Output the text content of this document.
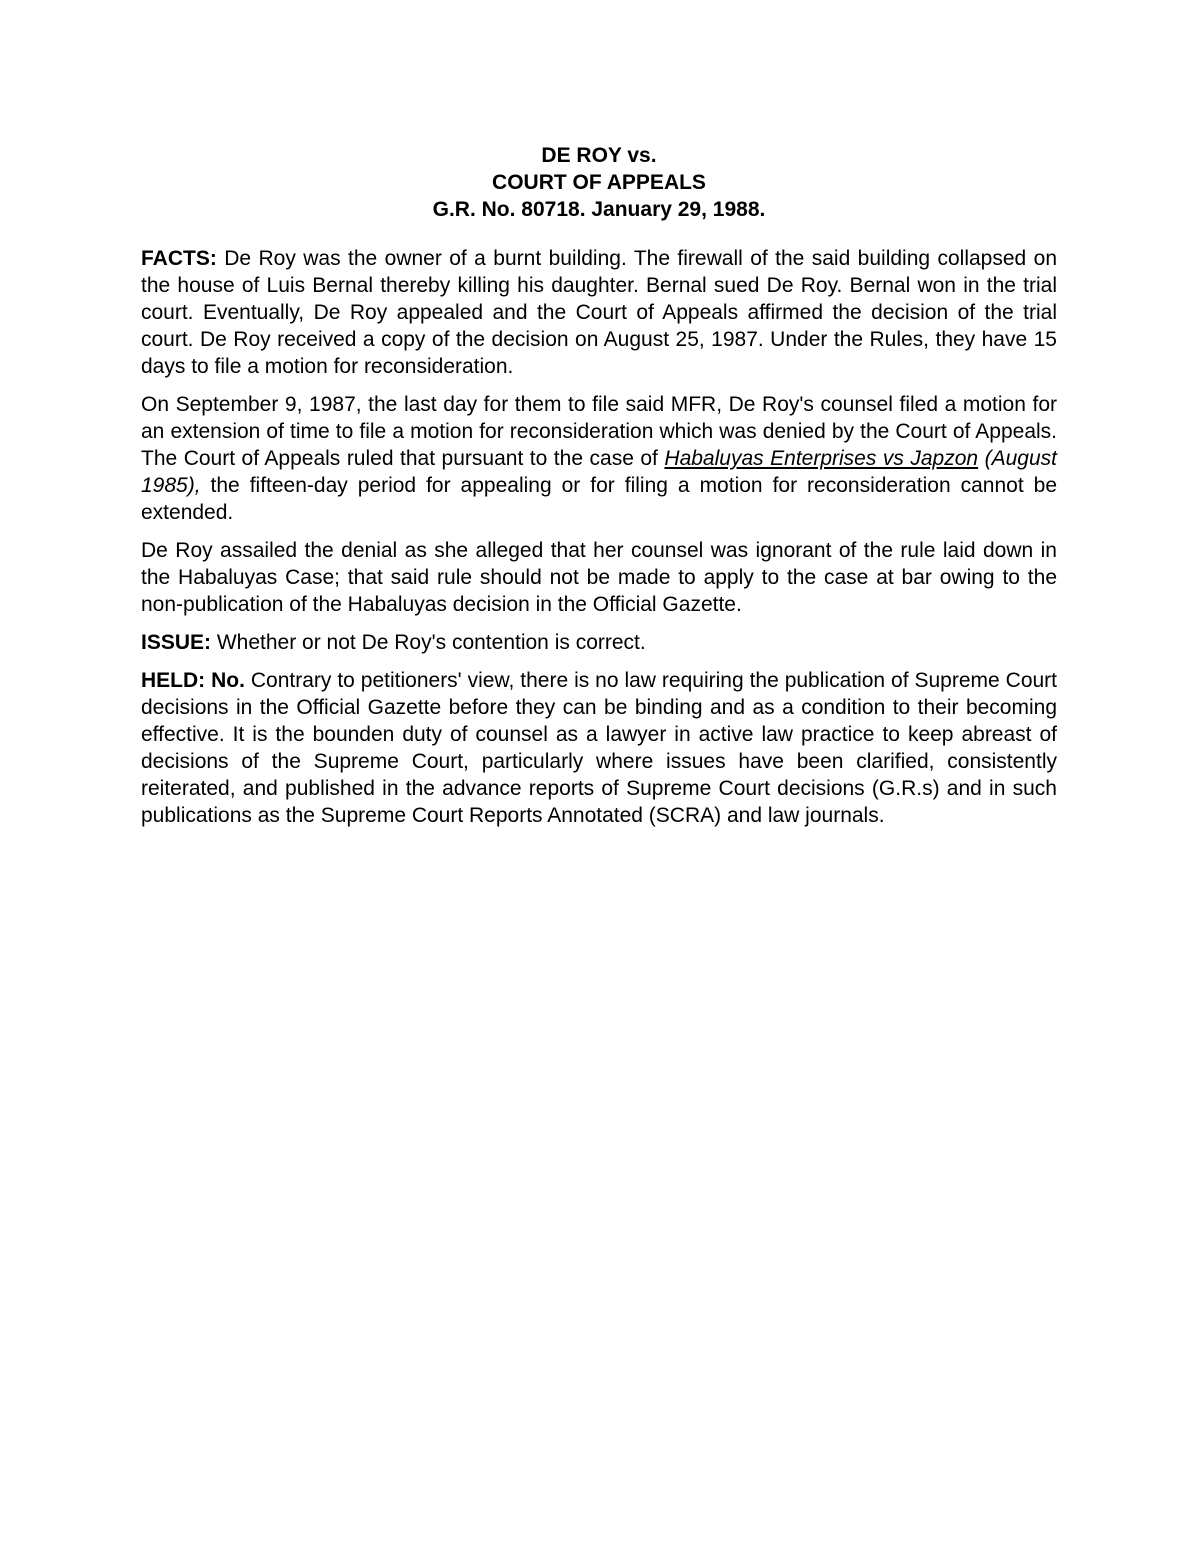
DE ROY vs.
COURT OF APPEALS
G.R. No. 80718. January 29, 1988.

FACTS: De Roy was the owner of a burnt building. The firewall of the said building collapsed on the house of Luis Bernal thereby killing his daughter. Bernal sued De Roy. Bernal won in the trial court. Eventually, De Roy appealed and the Court of Appeals affirmed the decision of the trial court. De Roy received a copy of the decision on August 25, 1987. Under the Rules, they have 15 days to file a motion for reconsideration.

On September 9, 1987, the last day for them to file said MFR, De Roy's counsel filed a motion for an extension of time to file a motion for reconsideration which was denied by the Court of Appeals. The Court of Appeals ruled that pursuant to the case of Habaluyas Enterprises vs Japzon (August 1985), the fifteen-day period for appealing or for filing a motion for reconsideration cannot be extended.

De Roy assailed the denial as she alleged that her counsel was ignorant of the rule laid down in the Habaluyas Case; that said rule should not be made to apply to the case at bar owing to the non-publication of the Habaluyas decision in the Official Gazette.

ISSUE: Whether or not De Roy's contention is correct.

HELD: No. Contrary to petitioners' view, there is no law requiring the publication of Supreme Court decisions in the Official Gazette before they can be binding and as a condition to their becoming effective. It is the bounden duty of counsel as a lawyer in active law practice to keep abreast of decisions of the Supreme Court, particularly where issues have been clarified, consistently reiterated, and published in the advance reports of Supreme Court decisions (G.R.s) and in such publications as the Supreme Court Reports Annotated (SCRA) and law journals.
